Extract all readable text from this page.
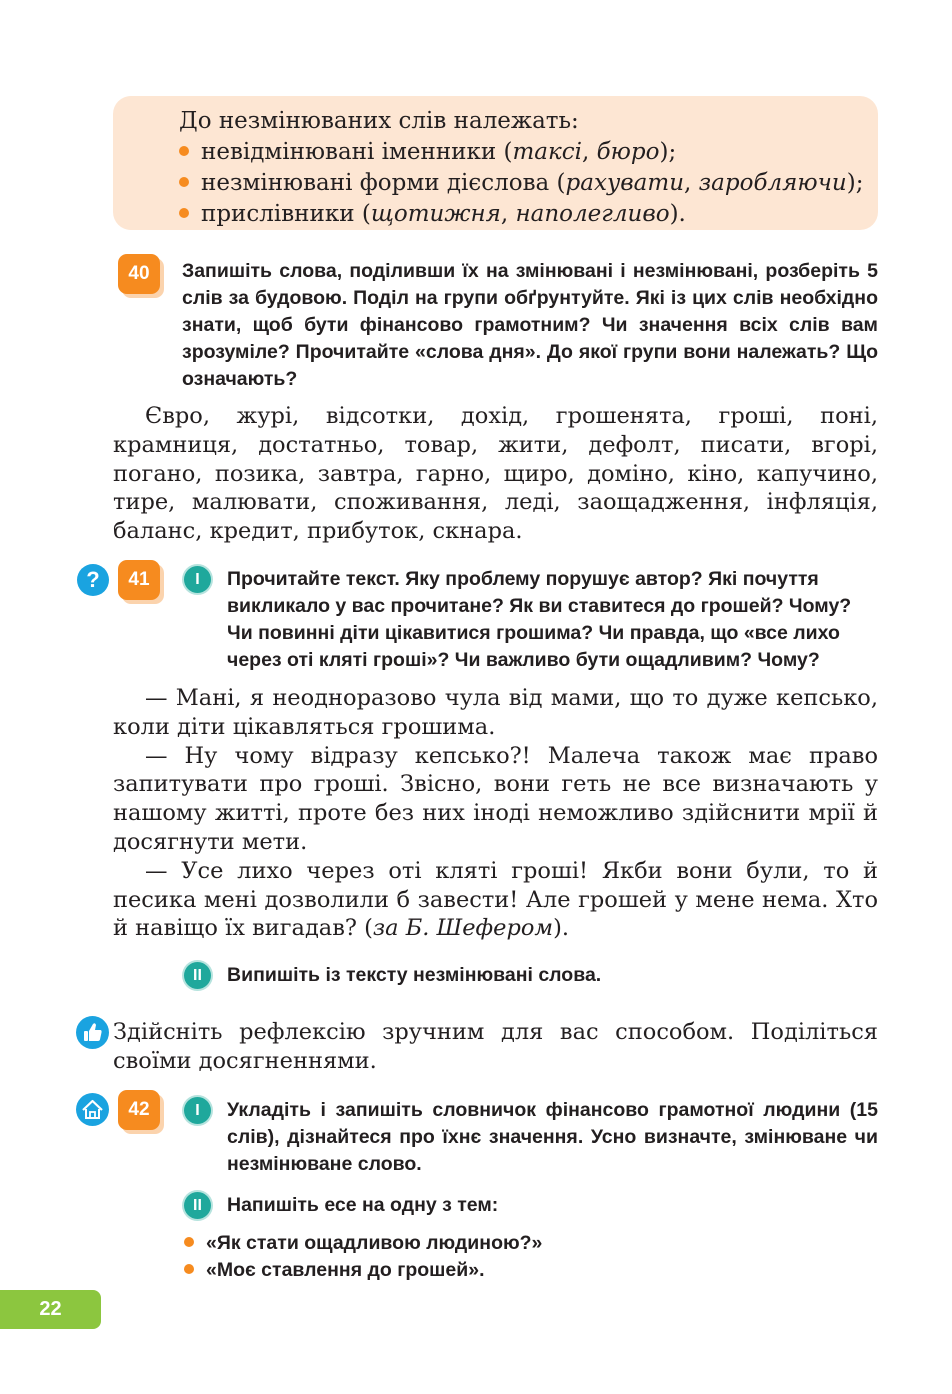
До незмінюваних слів належать:
невідмінювані іменники (таксі, бюро);
незмінювані форми дієслова (рахувати, заробляючи);
прислівники (щотижня, наполегливо).
40	Запишіть слова, поділивши їх на змінювані і незмінювані, розберіть 5 слів за будовою. Поділ на групи обґрунтуйте. Які із цих слів необхідно знати, щоб бути фінансово грамотним? Чи значення всіх слів вам зрозуміле? Прочитайте «слова дня». До якої групи вони належать? Що означають?
Євро, журі, відсотки, дохід, грошенята, гроші, поні, крамниця, достатньо, товар, жити, дефолт, писати, вгорі, погано, позика, завтра, гарно, щиро, доміно, кіно, капучино, тире, малювати, споживання, леді, заощадження, інфляція, баланс, кредит, прибуток, скнара.
?	41	I	Прочитайте текст. Яку проблему порушує автор? Які почуття викликало у вас прочитане? Як ви ставитеся до грошей? Чому? Чи повинні діти цікавитися грошима? Чи правда, що «все лихо через оті кляті гроші»? Чи важливо бути ощадливим? Чому?
— Мані, я неодноразово чула від мами, що то дуже кепсько, коли діти цікавляться грошима.
— Ну чому відразу кепсько?! Малеча також має право запитувати про гроші. Звісно, вони геть не все визначають у нашому житті, проте без них іноді неможливо здійснити мрії й досягнути мети.
— Усе лихо через оті кляті гроші! Якби вони були, то й песика мені дозволили б завести! Але грошей у мене нема. Хто й навіщо їх вигадав? (за Б. Шефером).
II	Випишіть із тексту незмінювані слова.
Здійсніть рефлексію зручним для вас способом. Поділіться своїми досягненнями.
42	I	Укладіть і запишіть словничок фінансово грамотної людини (15 слів), дізнайтеся про їхнє значення. Усно визначте, змінюване чи незмінюване слово.
II	Напишіть есе на одну з тем:
«Як стати ощадливою людиною?»
«Моє ставлення до грошей».
22
